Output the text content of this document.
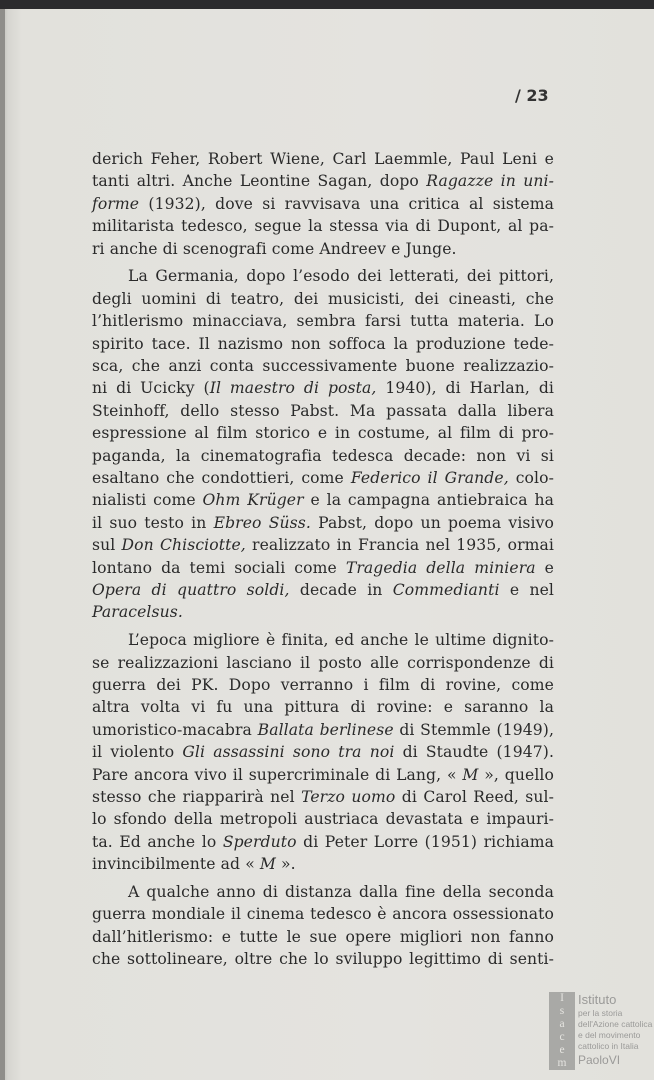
/ 23
derich Feher, Robert Wiene, Carl Laemmle, Paul Leni e
tanti altri. Anche Leontine Sagan, dopo Ragazze in uni-
forme (1932), dove si ravvisava una critica al sistema
militarista tedesco, segue la stessa via di Dupont, al pa-
ri anche di scenografi come Andreev e Junge.
La Germania, dopo l’esodo dei letterati, dei pittori,
degli uomini di teatro, dei musicisti, dei cineasti, che
l’hitlerismo minacciava, sembra farsi tutta materia. Lo
spirito tace. Il nazismo non soffoca la produzione tede-
sca, che anzi conta successivamente buone realizzazio-
ni di Ucicky (Il maestro di posta, 1940), di Harlan, di
Steinhoff, dello stesso Pabst. Ma passata dalla libera
espressione al film storico e in costume, al film di pro-
paganda, la cinematografia tedesca decade: non vi si
esaltano che condottieri, come Federico il Grande, colo-
nialisti come Ohm Krüger e la campagna antiebraica ha
il suo testo in Ebreo Süss. Pabst, dopo un poema visivo
sul Don Chisciotte, realizzato in Francia nel 1935, ormai
lontano da temi sociali come Tragedia della miniera e
Opera di quattro soldi, decade in Commedianti e nel
Paracelsus.
L’epoca migliore è finita, ed anche le ultime dignito-
se realizzazioni lasciano il posto alle corrispondenze di
guerra dei PK. Dopo verranno i film di rovine, come
altra volta vi fu una pittura di rovine: e saranno la
umoristico-macabra Ballata berlinese di Stemmle (1949),
il violento Gli assassini sono tra noi di Staudte (1947).
Pare ancora vivo il supercriminale di Lang, « M », quello
stesso che riapparirà nel Terzo uomo di Carol Reed, sul-
lo sfondo della metropoli austriaca devastata e impauri-
ta. Ed anche lo Sperduto di Peter Lorre (1951) richiama
invincibilmente ad « M ».
A qualche anno di distanza dalla fine della seconda
guerra mondiale il cinema tedesco è ancora ossessionato
dall’hitlerismo: e tutte le sue opere migliori non fanno
che sottolineare, oltre che lo sviluppo legittimo di senti-
I
s
a
c
e
m
Istituto
per la storia
dell'Azione cattolica
e del movimento
cattolico in Italia
PaoloVI
